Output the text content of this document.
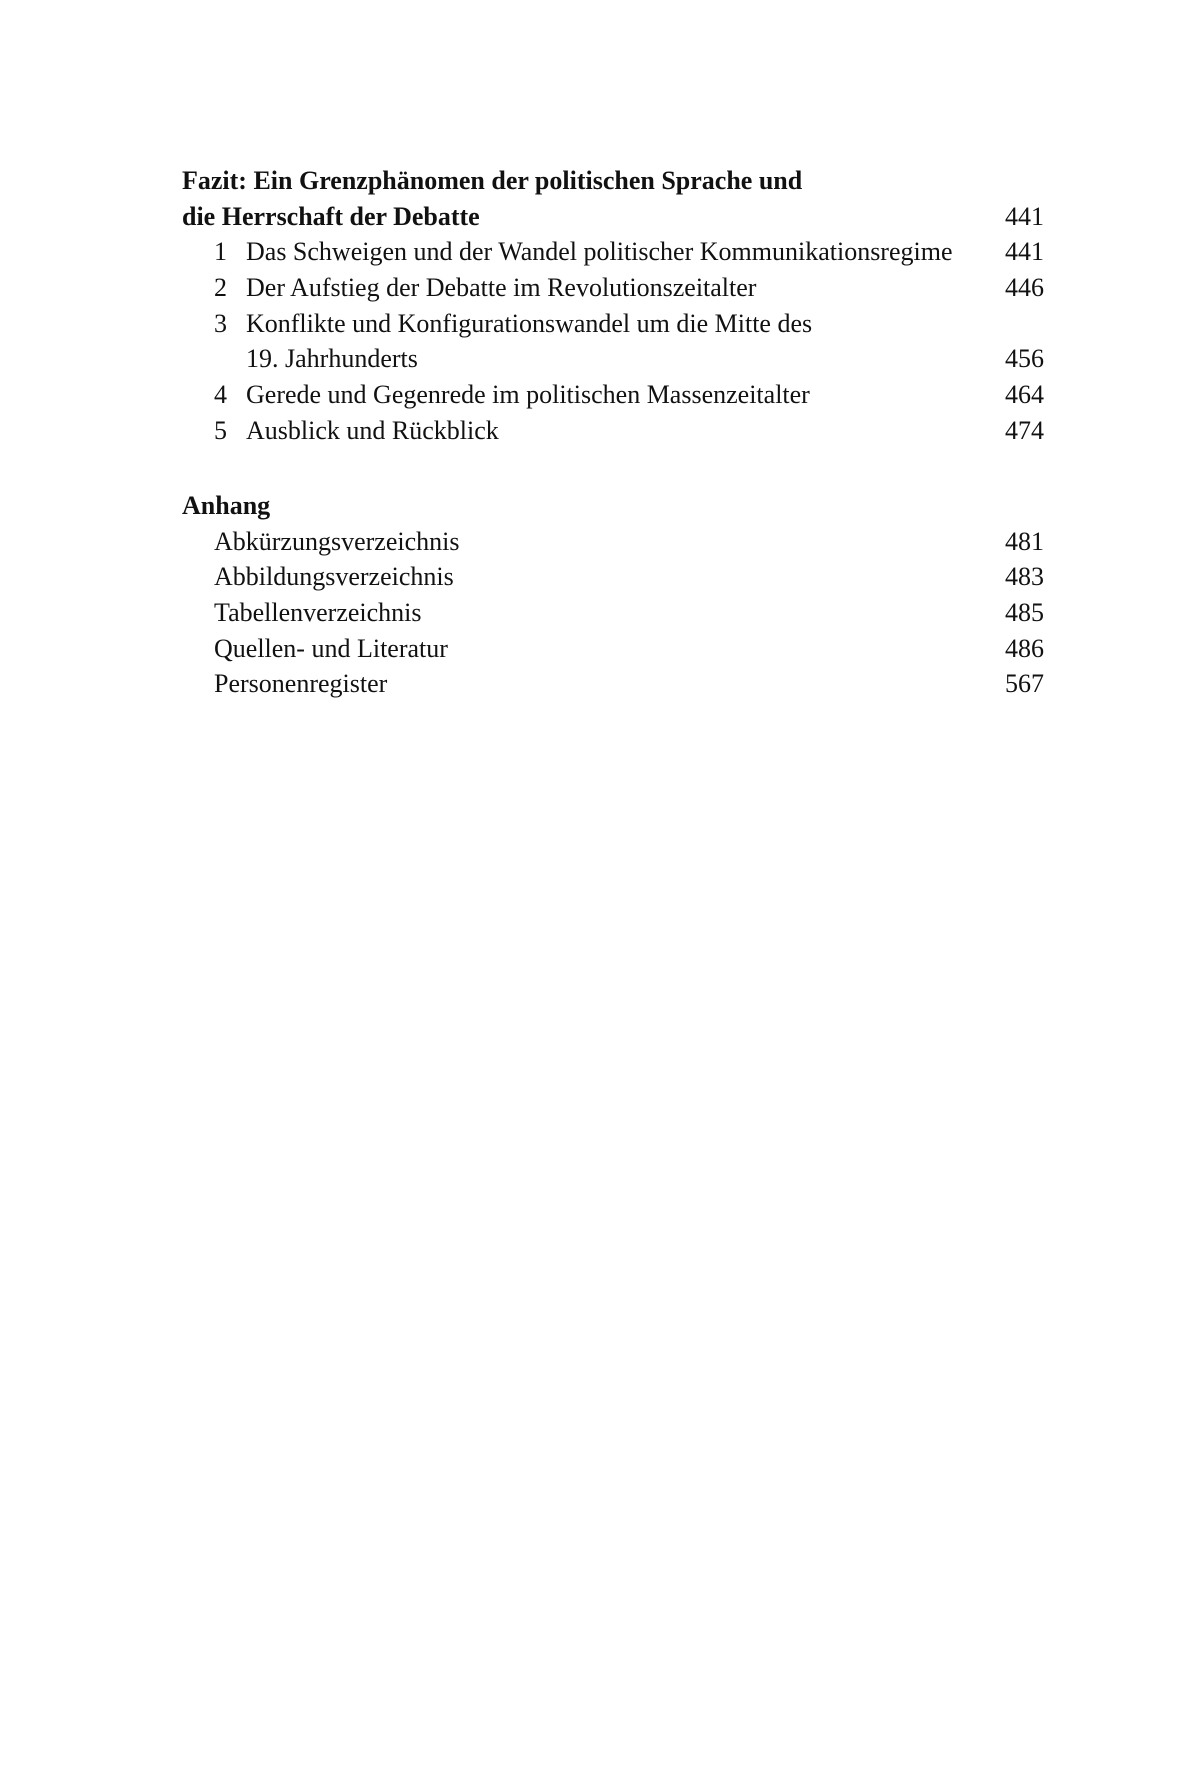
Fazit: Ein Grenzphänomen der politischen Sprache und
die Herrschaft der Debatte	441
1 Das Schweigen und der Wandel politischer Kommunikationsregime 441
2 Der Aufstieg der Debatte im Revolutionszeitalter	446
3 Konflikte und Konfigurationswandel um die Mitte des
19. Jahrhunderts	456
4 Gerede und Gegenrede im politischen Massenzeitalter	464
5 Ausblick und Rückblick	474
Anhang
Abkürzungsverzeichnis	481
Abbildungsverzeichnis	483
Tabellenverzeichnis	485
Quellen- und Literatur	486
Personenregister	567
